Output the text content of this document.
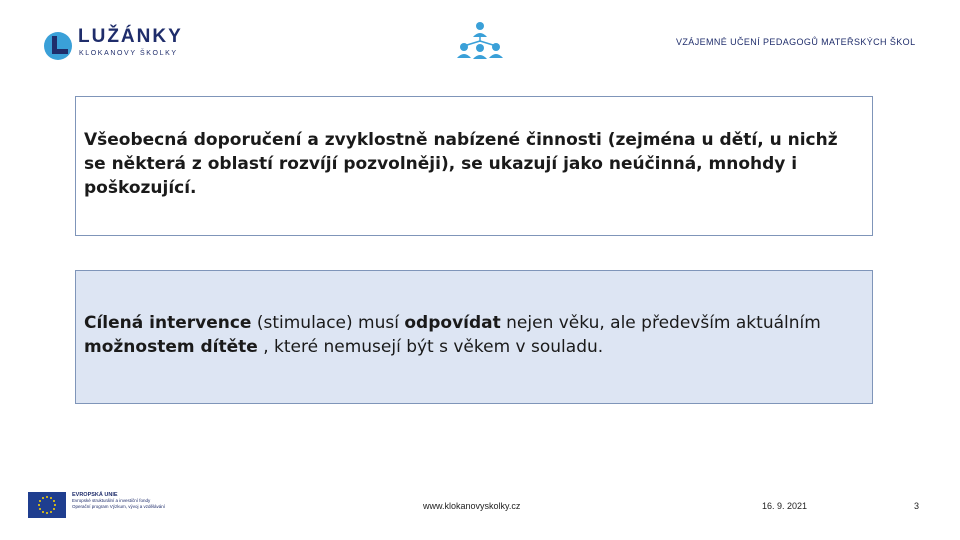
LUŽÁNKY
KLOKANOVY ŠKOLKY
VZÁJEMNÉ UČENÍ PEDAGOGŮ MATEŘSKÝCH ŠKOL
Všeobecná doporučení a zvyklostně nabízené činnosti (zejména u dětí, u nichž se některá z oblastí rozvíjí pozvolněji), se ukazují jako neúčinná, mnohdy i poškozující.
Cílená intervence (stimulace) musí odpovídat nejen věku, ale především aktuálním možnostem dítěte , které nemusejí být s věkem v souladu.
EVROPSKÁ UNIE
Evropské strukturální a investiční fondy
Operační program Výzkum, vývoj a vzdělávání	www.klokanovyskolky.cz	16. 9. 2021	3
